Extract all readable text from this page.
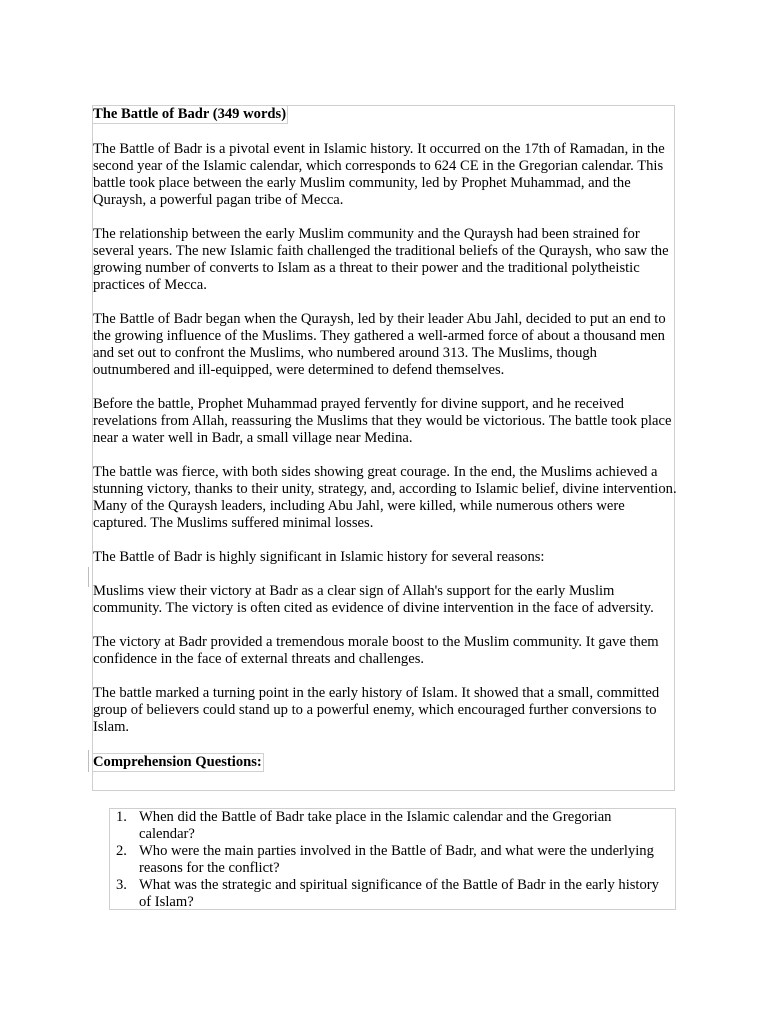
The Battle of Badr (349 words)

The Battle of Badr is a pivotal event in Islamic history. It occurred on the 17th of Ramadan, in the second year of the Islamic calendar, which corresponds to 624 CE in the Gregorian calendar. This battle took place between the early Muslim community, led by Prophet Muhammad, and the Quraysh, a powerful pagan tribe of Mecca.

The relationship between the early Muslim community and the Quraysh had been strained for several years. The new Islamic faith challenged the traditional beliefs of the Quraysh, who saw the growing number of converts to Islam as a threat to their power and the traditional polytheistic practices of Mecca.

The Battle of Badr began when the Quraysh, led by their leader Abu Jahl, decided to put an end to the growing influence of the Muslims. They gathered a well-armed force of about a thousand men and set out to confront the Muslims, who numbered around 313. The Muslims, though outnumbered and ill-equipped, were determined to defend themselves.

Before the battle, Prophet Muhammad prayed fervently for divine support, and he received revelations from Allah, reassuring the Muslims that they would be victorious. The battle took place near a water well in Badr, a small village near Medina.

The battle was fierce, with both sides showing great courage. In the end, the Muslims achieved a stunning victory, thanks to their unity, strategy, and, according to Islamic belief, divine intervention. Many of the Quraysh leaders, including Abu Jahl, were killed, while numerous others were captured. The Muslims suffered minimal losses.

The Battle of Badr is highly significant in Islamic history for several reasons:

Muslims view their victory at Badr as a clear sign of Allah's support for the early Muslim community. The victory is often cited as evidence of divine intervention in the face of adversity.

The victory at Badr provided a tremendous morale boost to the Muslim community. It gave them confidence in the face of external threats and challenges.

The battle marked a turning point in the early history of Islam. It showed that a small, committed group of believers could stand up to a powerful enemy, which encouraged further conversions to Islam.

Comprehension Questions:
1. When did the Battle of Badr take place in the Islamic calendar and the Gregorian calendar?
2. Who were the main parties involved in the Battle of Badr, and what were the underlying reasons for the conflict?
3. What was the strategic and spiritual significance of the Battle of Badr in the early history of Islam?
